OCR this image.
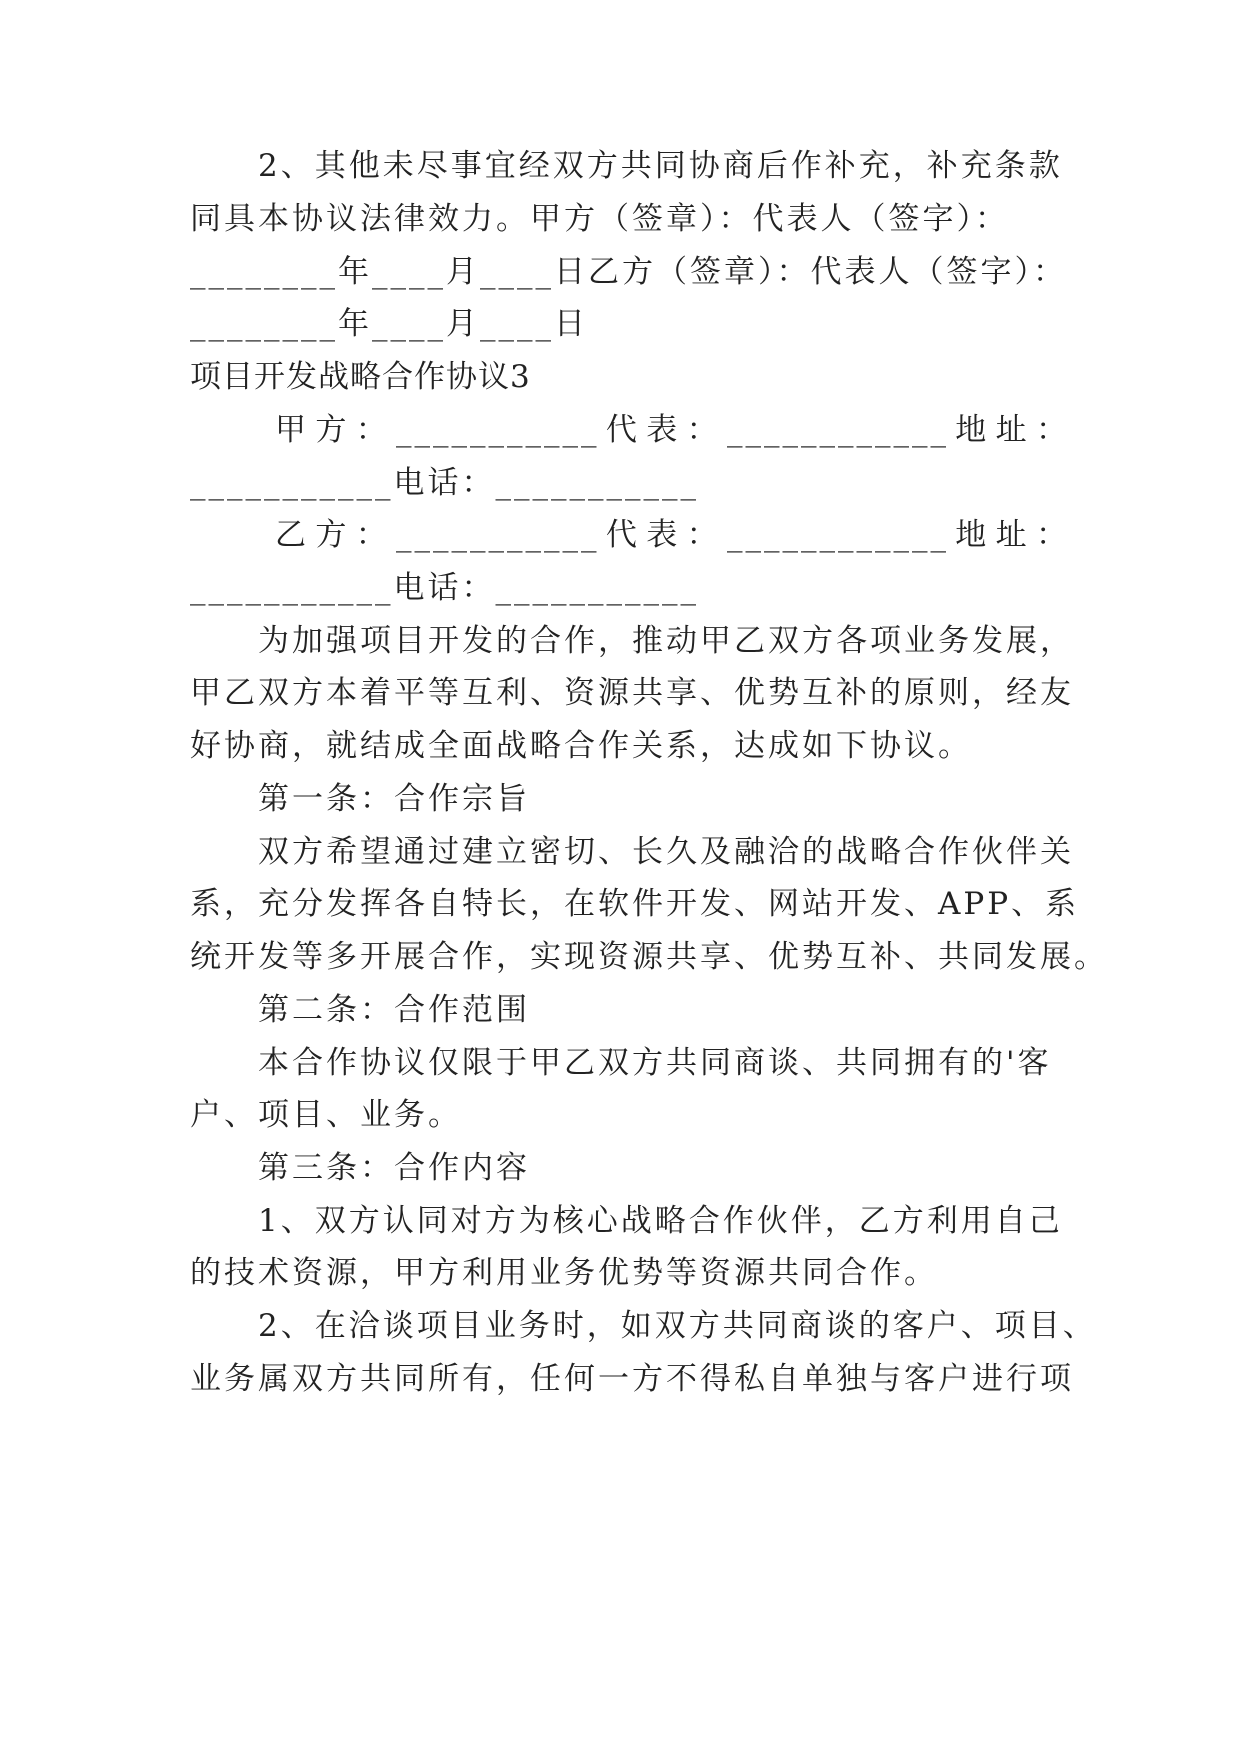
2、其他未尽事宜经双方共同协商后作补充，补充条款
同具本协议法律效力。甲方（签章）：代表人（签字）：
________年____月____日乙方（签章）：代表人（签字）：
________年____月____日
项目开发战略合作协议3
甲方：___________代表：____________地址：
___________电话：___________
乙方：___________代表：____________地址：
___________电话：___________
为加强项目开发的合作，推动甲乙双方各项业务发展，
甲乙双方本着平等互利、资源共享、优势互补的原则，经友
好协商，就结成全面战略合作关系，达成如下协议。
第一条：合作宗旨
双方希望通过建立密切、长久及融洽的战略合作伙伴关
系，充分发挥各自特长，在软件开发、网站开发、APP、系
统开发等多开展合作，实现资源共享、优势互补、共同发展。
第二条：合作范围
本合作协议仅限于甲乙双方共同商谈、共同拥有的'客
户、项目、业务。
第三条：合作内容
1、双方认同对方为核心战略合作伙伴，乙方利用自己
的技术资源，甲方利用业务优势等资源共同合作。
2、在洽谈项目业务时，如双方共同商谈的客户、项目、
业务属双方共同所有，任何一方不得私自单独与客户进行项
